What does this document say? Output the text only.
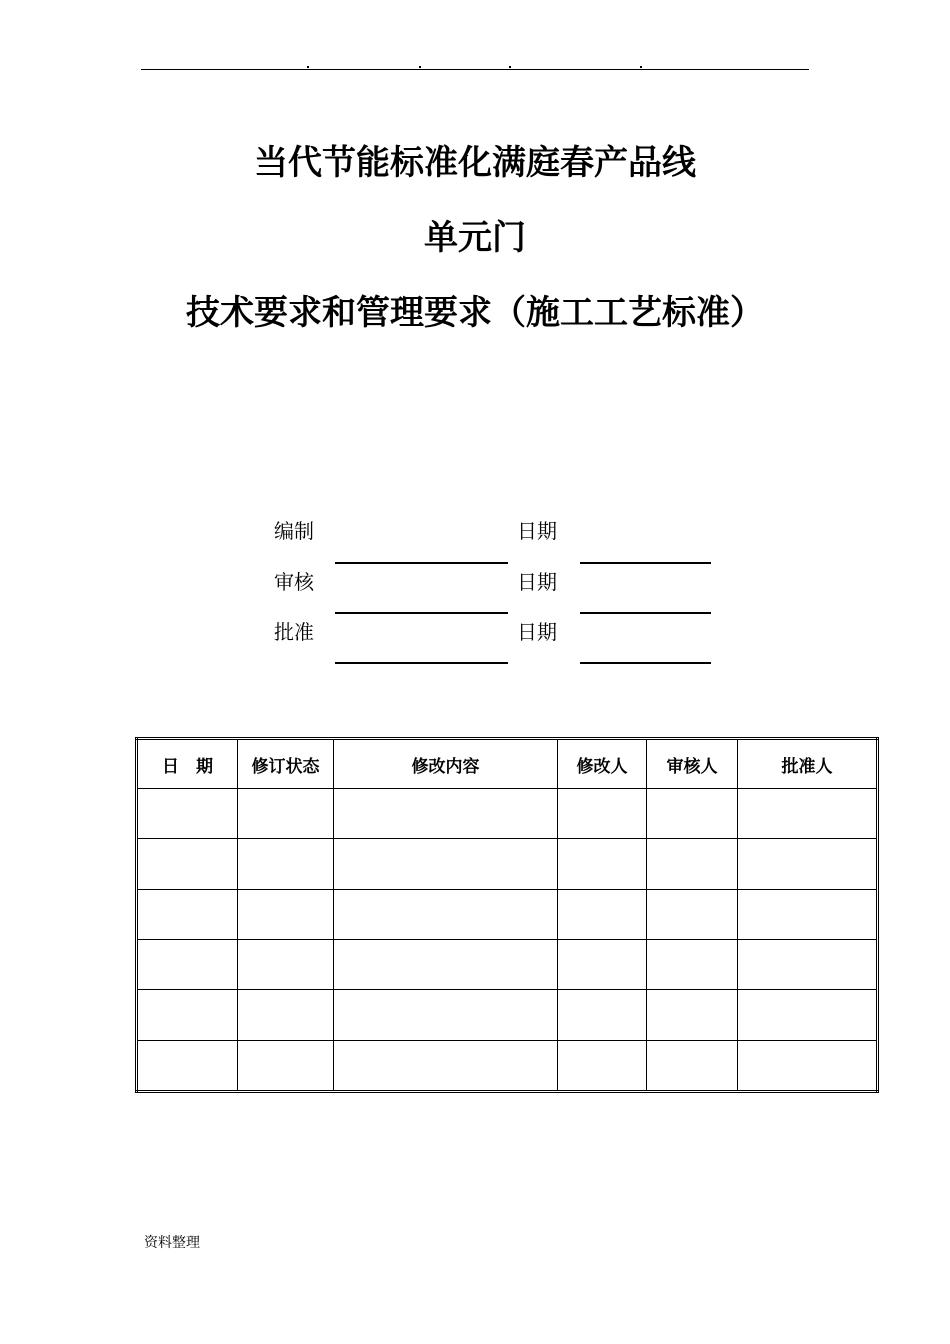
当代节能标准化满庭春产品线
单元门
技术要求和管理要求（施工工艺标准）
编制	日期
审核	日期
批准	日期
日　期	修订状态	修改内容	修改人	审核人	批准人

资料整理
